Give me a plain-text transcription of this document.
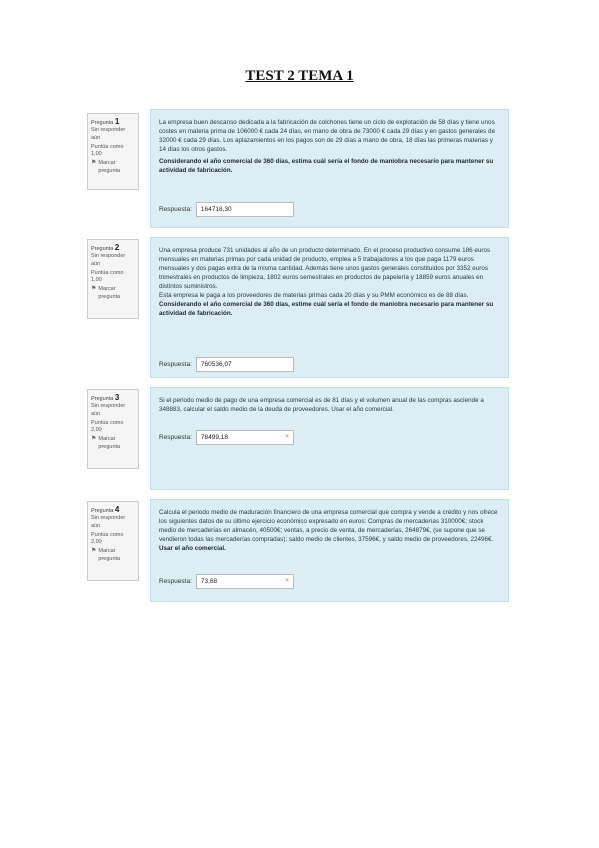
TEST 2 TEMA 1
Pregunta 1
Sin responder aún
Puntúa como 1,00
⚑ Marcar pregunta

La empresa buen descanso dedicada a la fabricación de colchones tiene un ciclo de explotación de 58 días y tiene unos costes en materia prima de 106000 € cada 24 días, en mano de obra de 73000 € cada 29 días y en gastos generales de 32000 € cada 29 días. Los aplazamientos en los pagos son de 29 días a mano de obra, 18 días las primeras materias y 14 días los otros gastos.

Considerando el año comercial de 360 días, estima cuál sería el fondo de maniobra necesario para mantener su actividad de fabricación.

Respuesta: 164718,30
Pregunta 2
Sin responder aún
Puntúa como 1,00
⚑ Marcar pregunta

Una empresa produce 731 unidades al año de un producto determinado. En el proceso productivo consume 186 euros mensuales en materias primas por cada unidad de producto, emplea a 5 trabajadores a los que paga 1179 euros mensuales y dos pagas extra de la misma cantidad. Además tiene unos gastos generales constituidos por 3352 euros trimestrales en productos de limpieza, 1802 euros semestrales en productos de papelería y 18859 euros anuales en distintos suministros.

Esta empresa le paga a los proveedores de materias primas cada 20 días y su PMM económico es de 88 días.

Considerando el año comercial de 360 días, estime cuál sería el fondo de maniobra necesario para mantener su actividad de fabricación.

Respuesta: 760536,07
Pregunta 3
Sin responder aún
Puntúa como 2,00
⚑ Marcar pregunta

Si el periodo medio de pago de una empresa comercial es de 81 días y el volumen anual de las compras asciende a 348883, calcular el saldo medio de la deuda de proveedores. Usar el año comercial.

Respuesta: 78499,18	×
Pregunta 4
Sin responder aún
Puntúa como 2,00
⚑ Marcar pregunta

Calcula el periodo medio de maduración financiero de una empresa comercial que compra y vende a crédito y nos ofrece los siguientes datos de su último ejercicio económico expresado en euros: Compras de mercaderías 310000€; stock medio de mercaderías en almacén, 40500€; ventas, a precio de venta, de mercaderías, 264879€, (se supone que se vendieron todas las mercaderías compradas); saldo medio de clientes, 37596€, y saldo medio de proveedores, 22496€. Usar el año comercial.

Respuesta: 73,68	×
